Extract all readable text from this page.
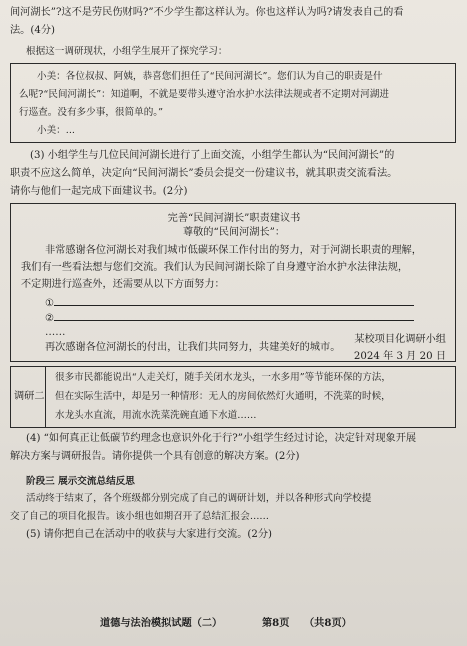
间河湖长”?这不是劳民伤财吗?”不少学生都这样认为。你也这样认为吗?请发表自己的看
法。(4分)
根据这一调研现状，小组学生展开了探究学习：
小美：各位叔叔、阿姨，恭喜您们担任了“民间河湖长”。您们认为自己的职责是什
么呢?“民间河湖长”：知道啊，不就是要带头遵守治水护水法律法规或者不定期对河湖进
行巡查。没有多少事，很简单的。”
小美：...
(3) 小组学生与几位民间河湖长进行了上面交流，小组学生都认为“民间河湖长”的
职责不应这么简单，决定向“民间河湖长”委员会提交一份建议书，就其职责交流看法。
请你与他们一起完成下面建议书。(2分)
完善“民间河湖长”职责建议书
尊敬的“民间河湖长”：
非常感谢各位河湖长对我们城市低碳环保工作付出的努力，对于河湖长职责的理解，
我们有一些看法想与您们交流。我们认为民间河湖长除了自身遵守治水护水法律法规，
不定期进行巡查外，还需要从以下方面努力：
①
②
……
再次感谢各位河湖长的付出，让我们共同努力，共建美好的城市。
某校项目化调研小组
2024 年 3 月 20 日
调研二
很多市民都能说出“人走关灯，随手关闭水龙头，一水多用”等节能环保的方法，
但在实际生活中，却是另一种情形：无人的房间依然灯火通明，不洗菜的时候，
水龙头水直流，用流水洗菜洗碗直通下水道……
(4) “如何真正让低碳节约理念也意识外化于行?”小组学生经过讨论，决定针对现象开展
解决方案与调研报告。请你提供一个具有创意的解决方案。(2分)
阶段三 展示交流总结反思
活动终于结束了，各个班级都分别完成了自己的调研计划，并以各种形式向学校提
交了自己的项目化报告。该小组也如期召开了总结汇报会……
(5) 请你把自己在活动中的收获与大家进行交流。(2分)
道德与法治模拟试题（二）	第8页 （共8页）
